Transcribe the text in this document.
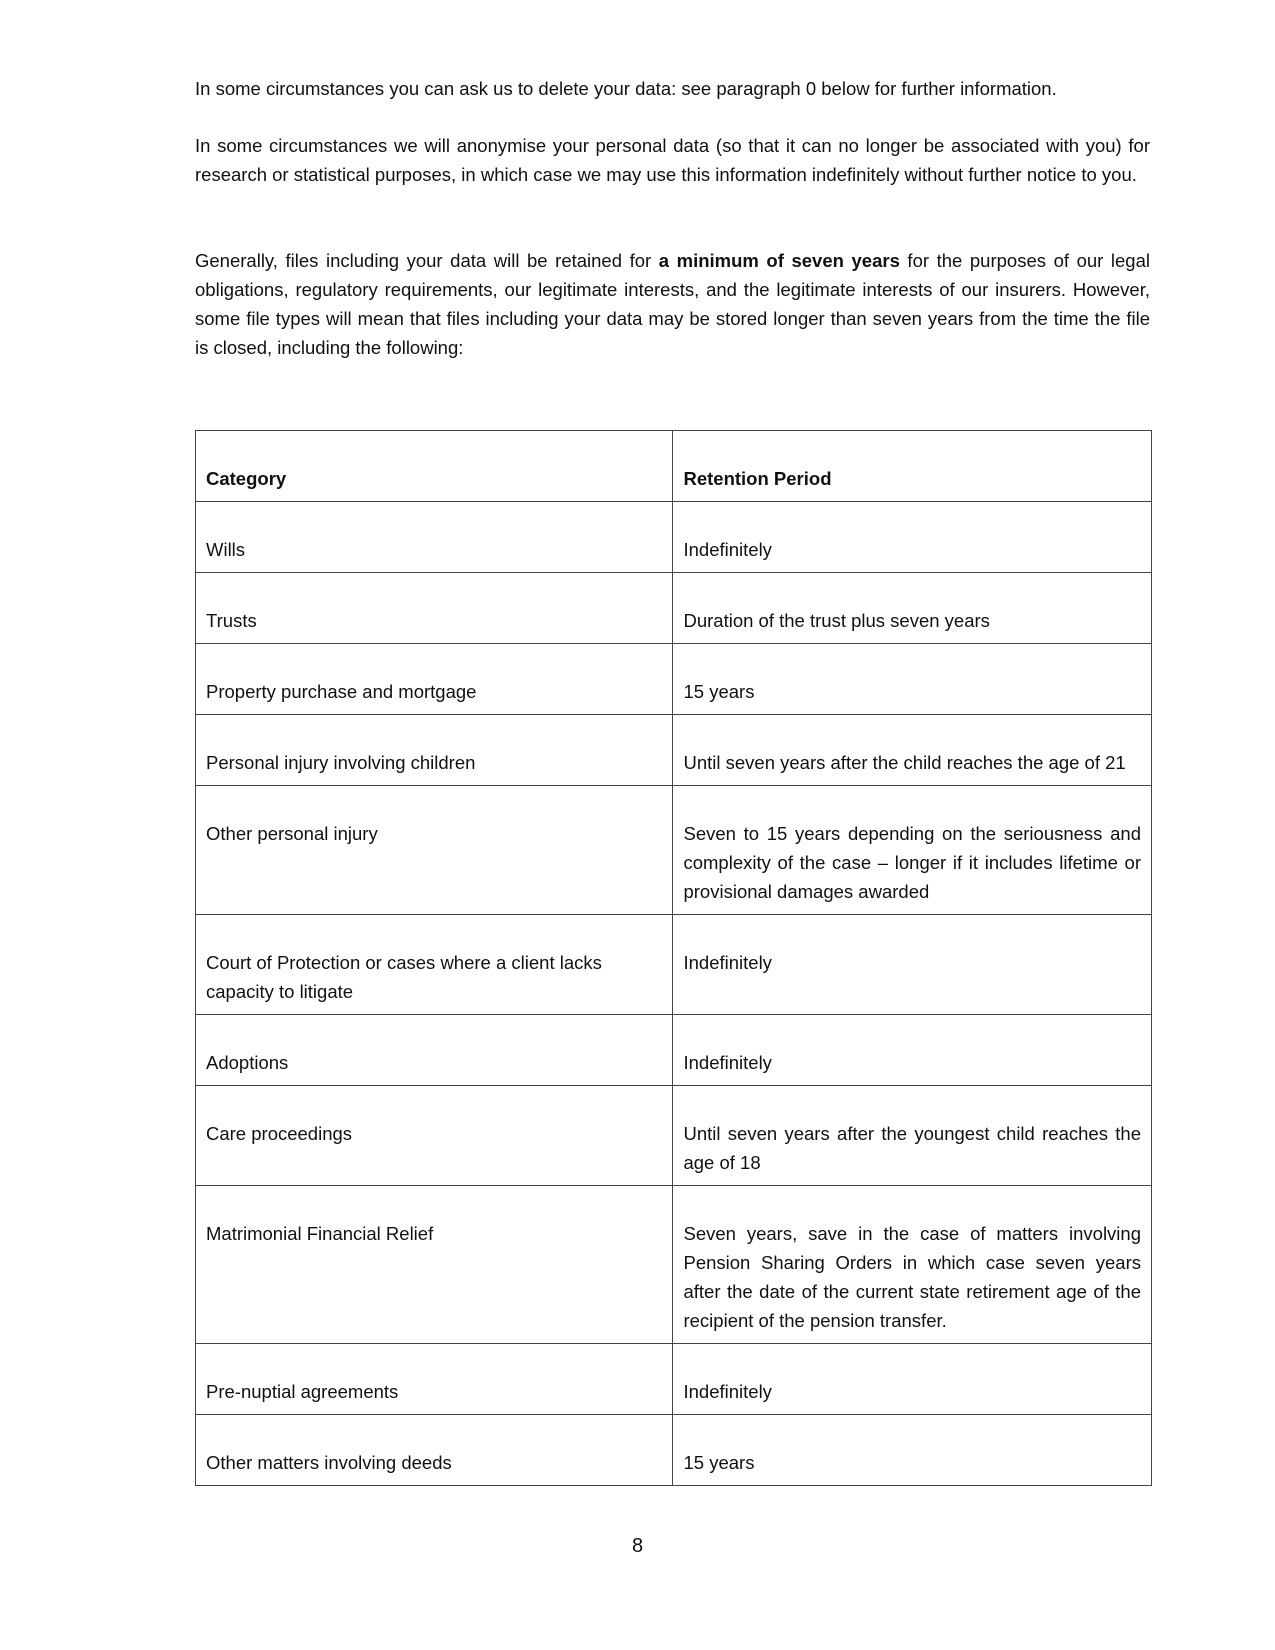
In some circumstances you can ask us to delete your data: see paragraph 0 below for further information.

In some circumstances we will anonymise your personal data (so that it can no longer be associated with you) for research or statistical purposes, in which case we may use this information indefinitely without further notice to you.

Generally, files including your data will be retained for a minimum of seven years for the purposes of our legal obligations, regulatory requirements, our legitimate interests, and the legitimate interests of our insurers. However, some file types will mean that files including your data may be stored longer than seven years from the time the file is closed, including the following:

Category	Retention Period

Wills	Indefinitely

Trusts	Duration of the trust plus seven years

Property purchase and mortgage	15 years

Personal injury involving children	Until seven years after the child reaches the age of 21

Other personal injury	Seven to 15 years depending on the seriousness and complexity of the case – longer if it includes lifetime or provisional damages awarded

Court of Protection or cases where a client lacks capacity to litigate	Indefinitely

Adoptions	Indefinitely

Care proceedings	Until seven years after the youngest child reaches the age of 18

Matrimonial Financial Relief	Seven years, save in the case of matters involving Pension Sharing Orders in which case seven years after the date of the current state retirement age of the recipient of the pension transfer.

Pre-nuptial agreements	Indefinitely

Other matters involving deeds	15 years
8
